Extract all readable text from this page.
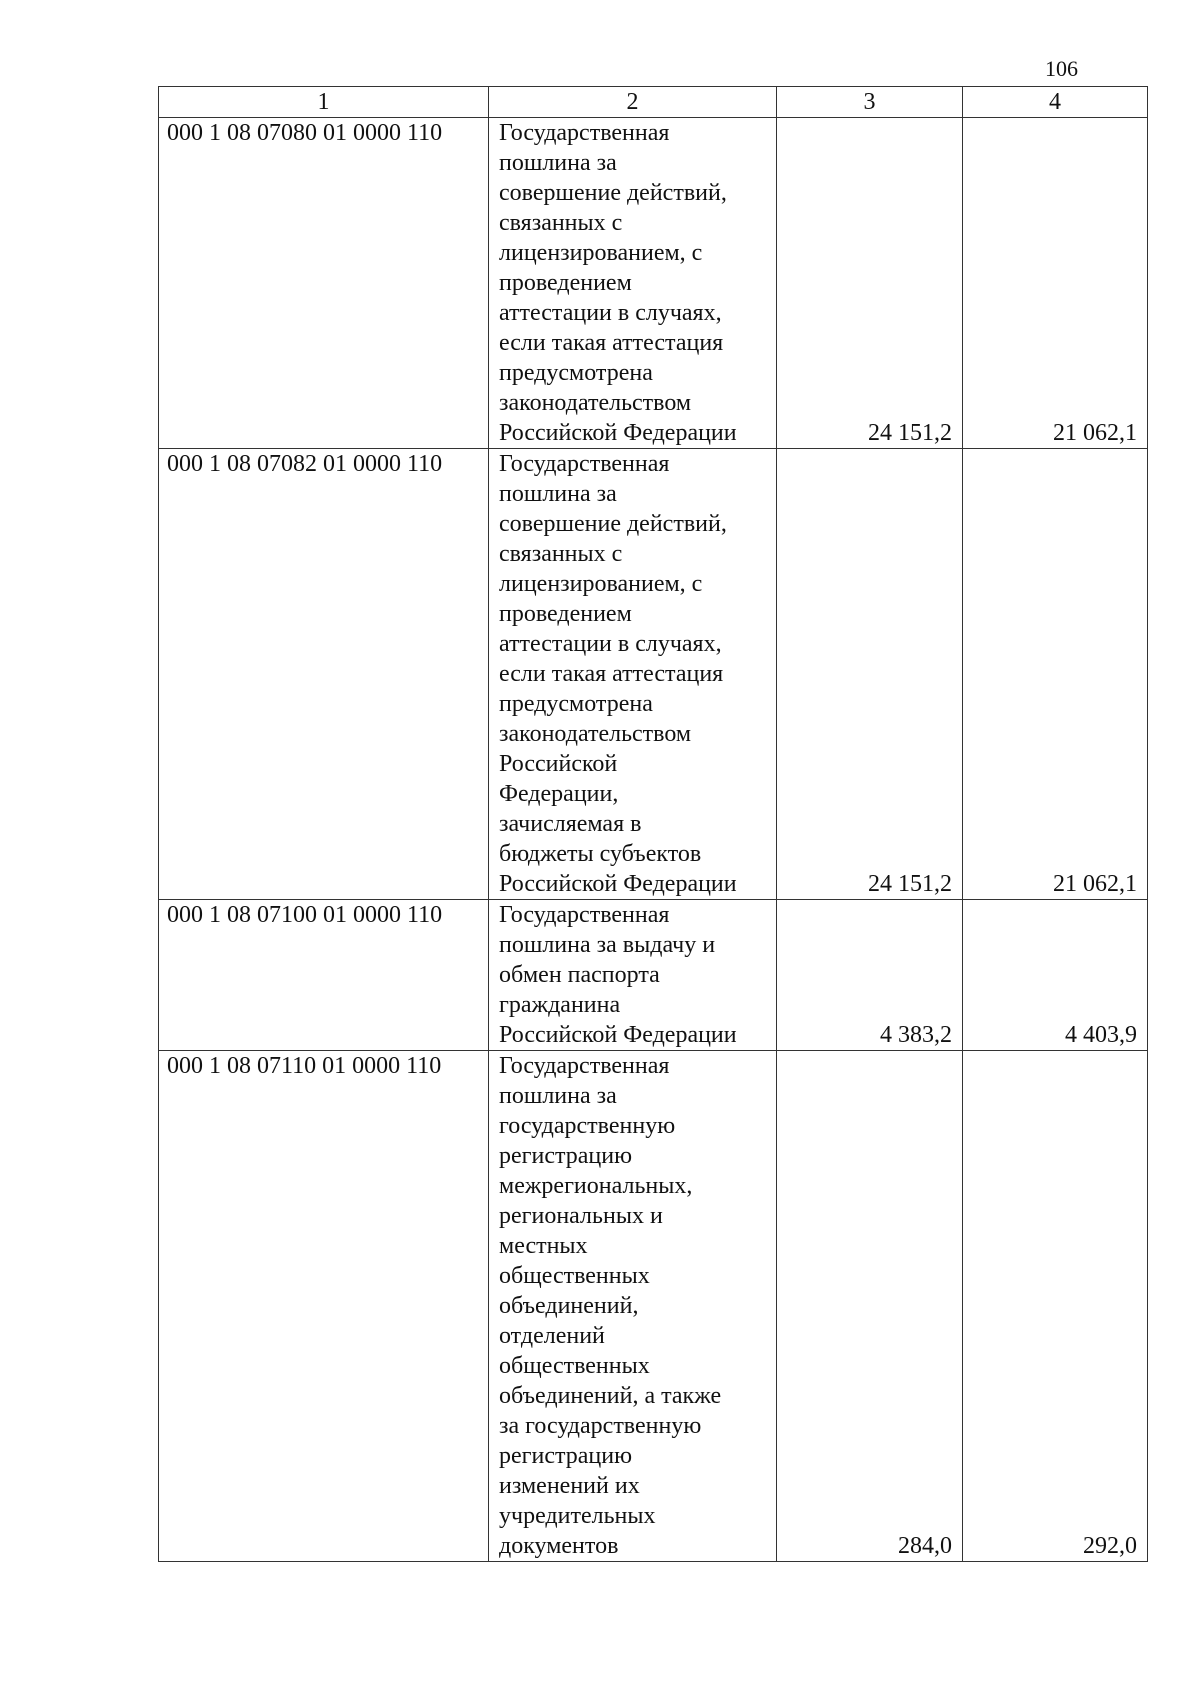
106
1	2	3	4
000 1 08 07080 01 0000 110	Государственная
пошлина за
совершение действий,
связанных с
лицензированием, с
проведением
аттестации в случаях,
если такая аттестация
предусмотрена
законодательством
Российской Федерации	24 151,2	21 062,1
000 1 08 07082 01 0000 110	Государственная
пошлина за
совершение действий,
связанных с
лицензированием, с
проведением
аттестации в случаях,
если такая аттестация
предусмотрена
законодательством
Российской
Федерации,
зачисляемая в
бюджеты субъектов
Российской Федерации	24 151,2	21 062,1
000 1 08 07100 01 0000 110	Государственная
пошлина за выдачу и
обмен паспорта
гражданина
Российской Федерации	4 383,2	4 403,9
000 1 08 07110 01 0000 110	Государственная
пошлина за
государственную
регистрацию
межрегиональных,
региональных и
местных
общественных
объединений,
отделений
общественных
объединений, а также
за государственную
регистрацию
изменений их
учредительных
документов	284,0	292,0
